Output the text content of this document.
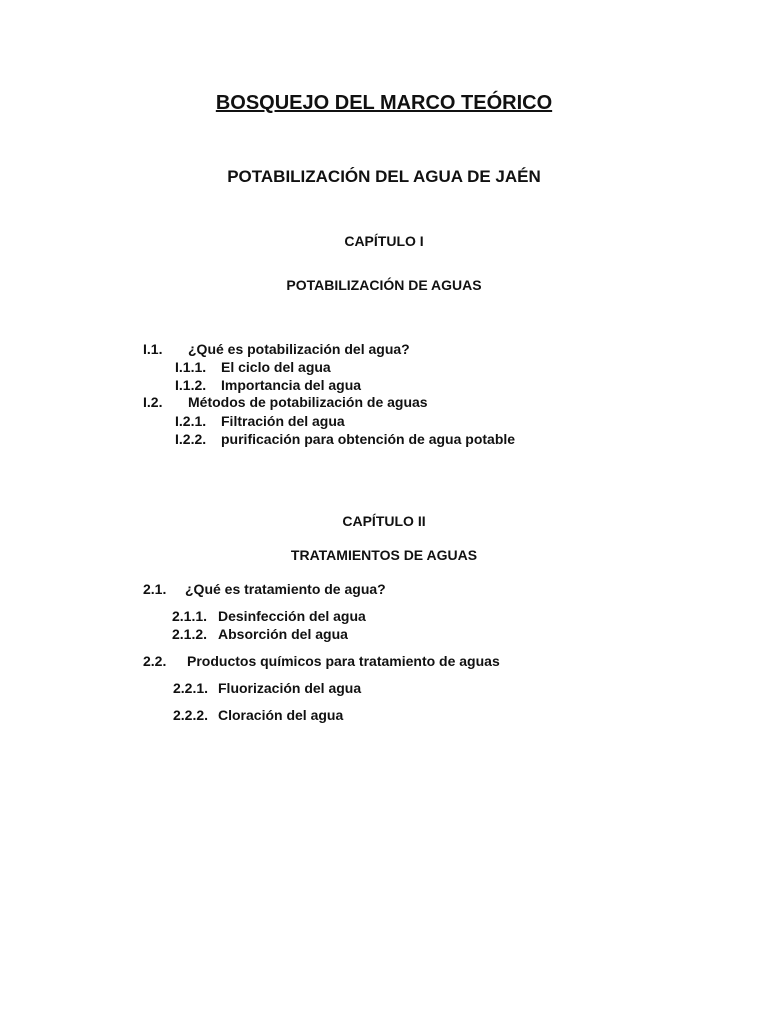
BOSQUEJO DEL MARCO TEÓRICO
POTABILIZACIÓN DEL AGUA DE JAÉN
CAPÍTULO I
POTABILIZACIÓN DE AGUAS
I.1. ¿Qué es potabilización del agua?
I.1.1. El ciclo del agua
I.1.2. Importancia del agua
I.2. Métodos de potabilización de aguas
I.2.1. Filtración del agua
I.2.2. purificación para obtención de agua potable
CAPÍTULO II
TRATAMIENTOS DE AGUAS
2.1. ¿Qué es tratamiento de agua?
2.1.1. Desinfección del agua
2.1.2. Absorción del agua
2.2. Productos químicos para tratamiento de aguas
2.2.1. Fluorización del agua
2.2.2. Cloración del agua
